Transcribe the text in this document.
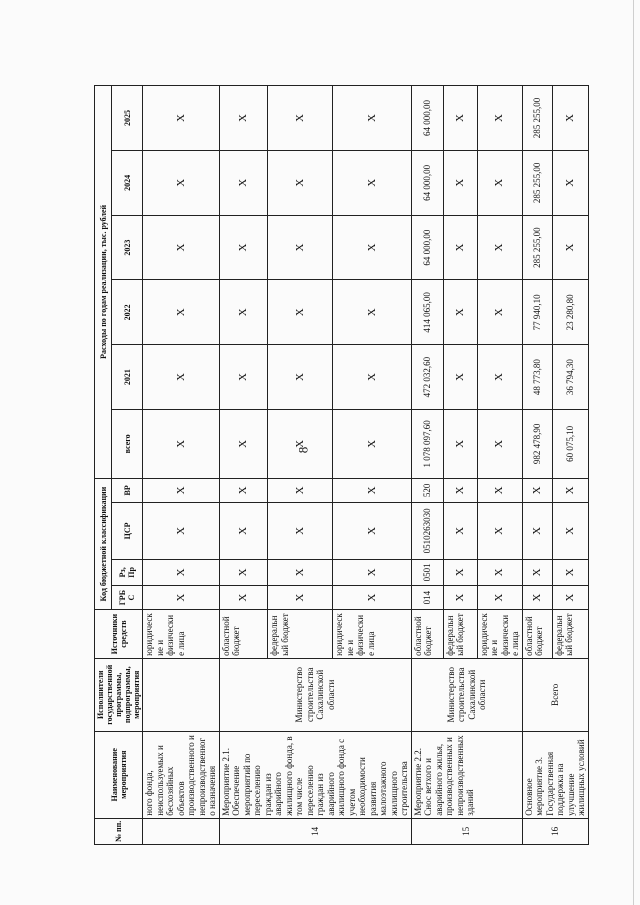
8
№ пп.	Наименование мероприятия	Исполнители государственной программы, подпрограммы, мероприятия	Источники средств	Код бюджетной классификации				Расходы по годам реализации, тыс. рублей					
				ГРБС	Рз, Пр	ЦСР	ВР	всего	2021	2022	2023	2024	2025
	ного фонда, неиспользуемых и бесхозяйных объектов производственного и непроизводственного назначения		юридические и физические лица	Х	Х	Х	Х	Х	Х	Х	Х	Х	Х
14	Мероприятие 2.1. Обеспечение мероприятий по переселению граждан из аварийного жилищного фонда, в том числе переселению граждан из аварийного жилищного фонда с учетом необходимости развития малоэтажного жилищного строительства	Министерство строительства Сахалинской области	областной бюджет	Х	Х	Х	Х	Х	Х	Х	Х	Х	Х
			федеральный бюджет	Х	Х	Х	Х	Х	Х	Х	Х	Х	Х
			юридические и физические лица	Х	Х	Х	Х	Х	Х	Х	Х	Х	Х
15	Мероприятие 2.2. Снос ветхого и аварийного жилья, производственных и непроизводственных зданий	Министерство строительства Сахалинской области	областной бюджет	014	0501	0510263030	520	1 078 097,60	472 032,60	414 065,00	64 000,00	64 000,00	64 000,00
			федеральный бюджет	Х	Х	Х	Х	Х	Х	Х	Х	Х	Х
			юридические и физические лица	Х	Х	Х	Х	Х	Х	Х	Х	Х	Х
16	Основное мероприятие 3. Государственная поддержка на улучшение жилищных условий	Всего	областной бюджет	Х	Х	Х	Х	982 478,90	48 773,80	77 940,10	285 255,00	285 255,00	285 255,00
			федеральный бюджет	Х	Х	Х	Х	60 075,10	36 794,30	23 280,80	Х	Х	Х
